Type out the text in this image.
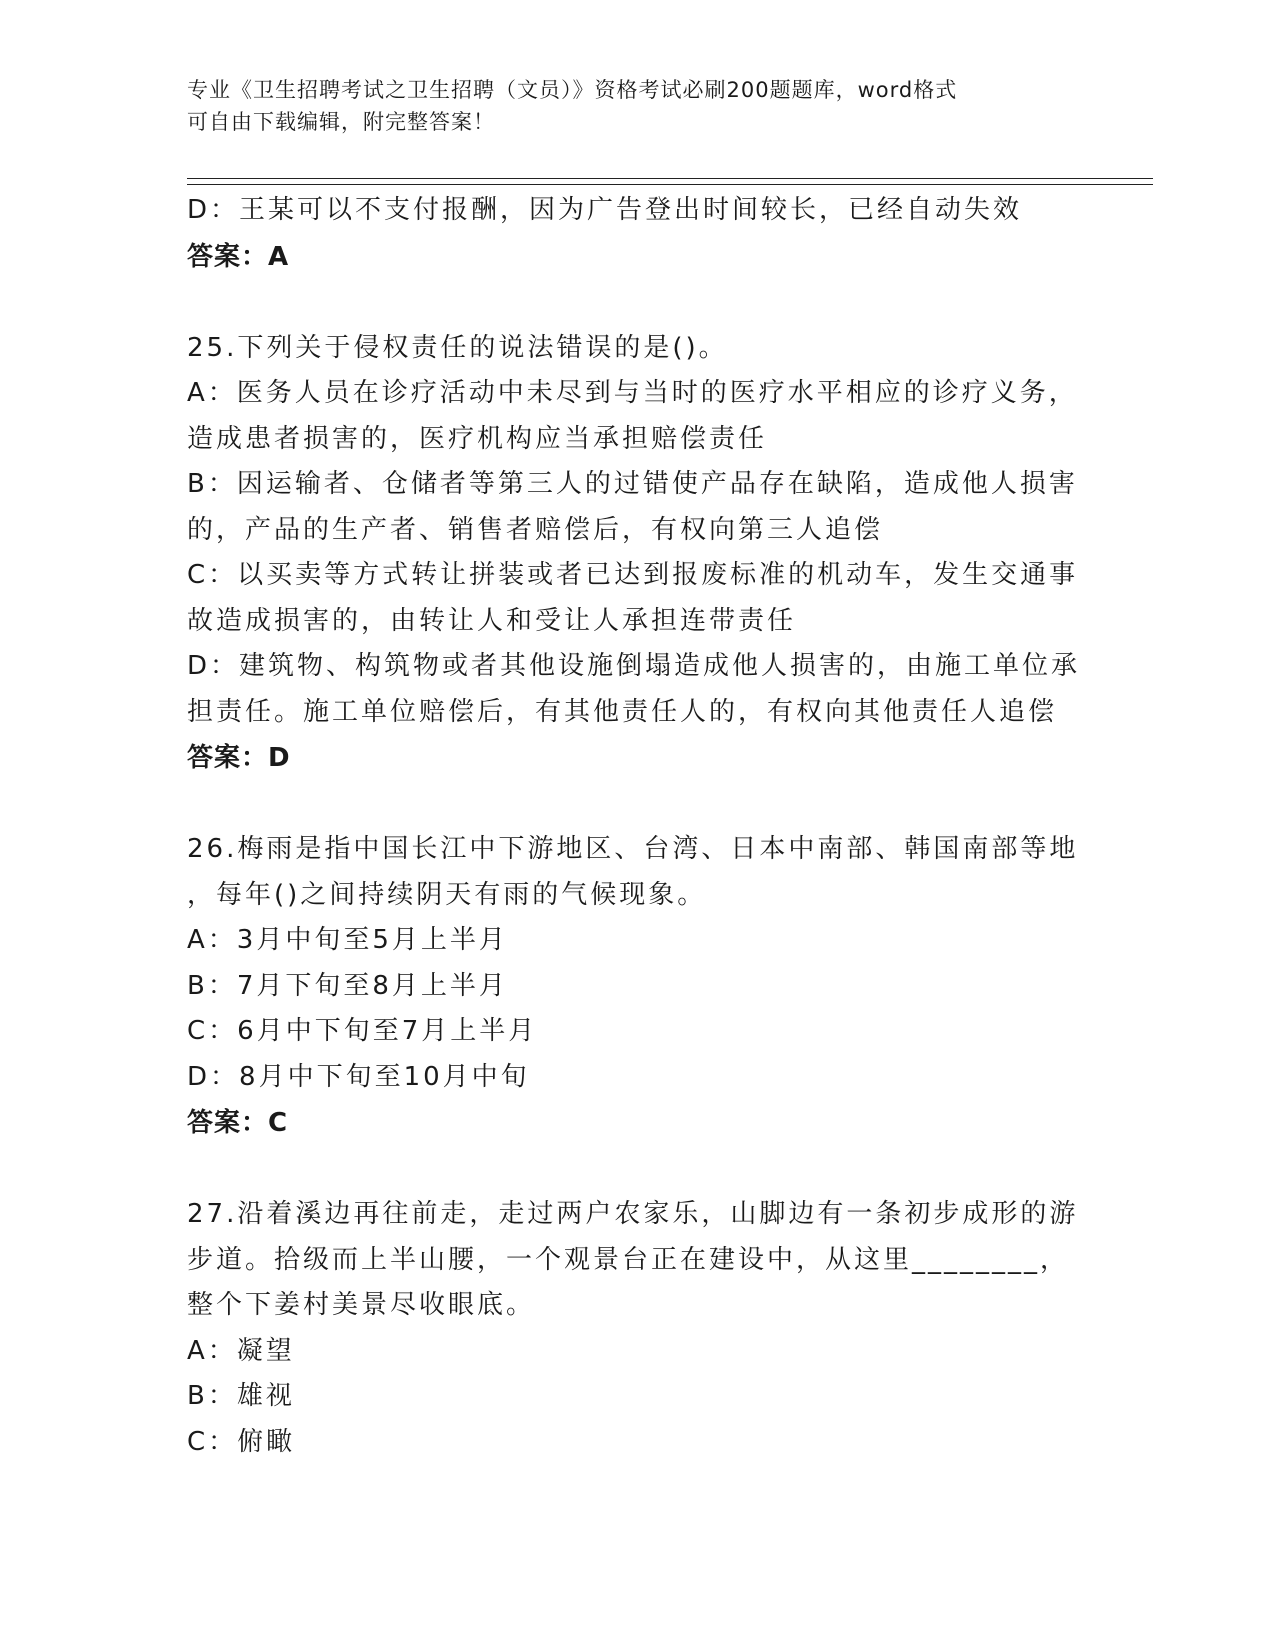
专业《卫生招聘考试之卫生招聘（文员）》资格考试必刷200题题库，word格式
可自由下载编辑，附完整答案！
D：王某可以不支付报酬，因为广告登出时间较长，已经自动失效
答案：A
25.下列关于侵权责任的说法错误的是()。
A：医务人员在诊疗活动中未尽到与当时的医疗水平相应的诊疗义务，
造成患者损害的，医疗机构应当承担赔偿责任
B：因运输者、仓储者等第三人的过错使产品存在缺陷，造成他人损害
的，产品的生产者、销售者赔偿后，有权向第三人追偿
C：以买卖等方式转让拼装或者已达到报废标准的机动车，发生交通事
故造成损害的，由转让人和受让人承担连带责任
D：建筑物、构筑物或者其他设施倒塌造成他人损害的，由施工单位承
担责任。施工单位赔偿后，有其他责任人的，有权向其他责任人追偿
答案：D
26.梅雨是指中国长江中下游地区、台湾、日本中南部、韩国南部等地
，每年()之间持续阴天有雨的气候现象。
A：3月中旬至5月上半月
B：7月下旬至8月上半月
C：6月中下旬至7月上半月
D：8月中下旬至10月中旬
答案：C
27.沿着溪边再往前走，走过两户农家乐，山脚边有一条初步成形的游
步道。拾级而上半山腰，一个观景台正在建设中，从这里________，
整个下姜村美景尽收眼底。
A：凝望
B：雄视
C：俯瞰
